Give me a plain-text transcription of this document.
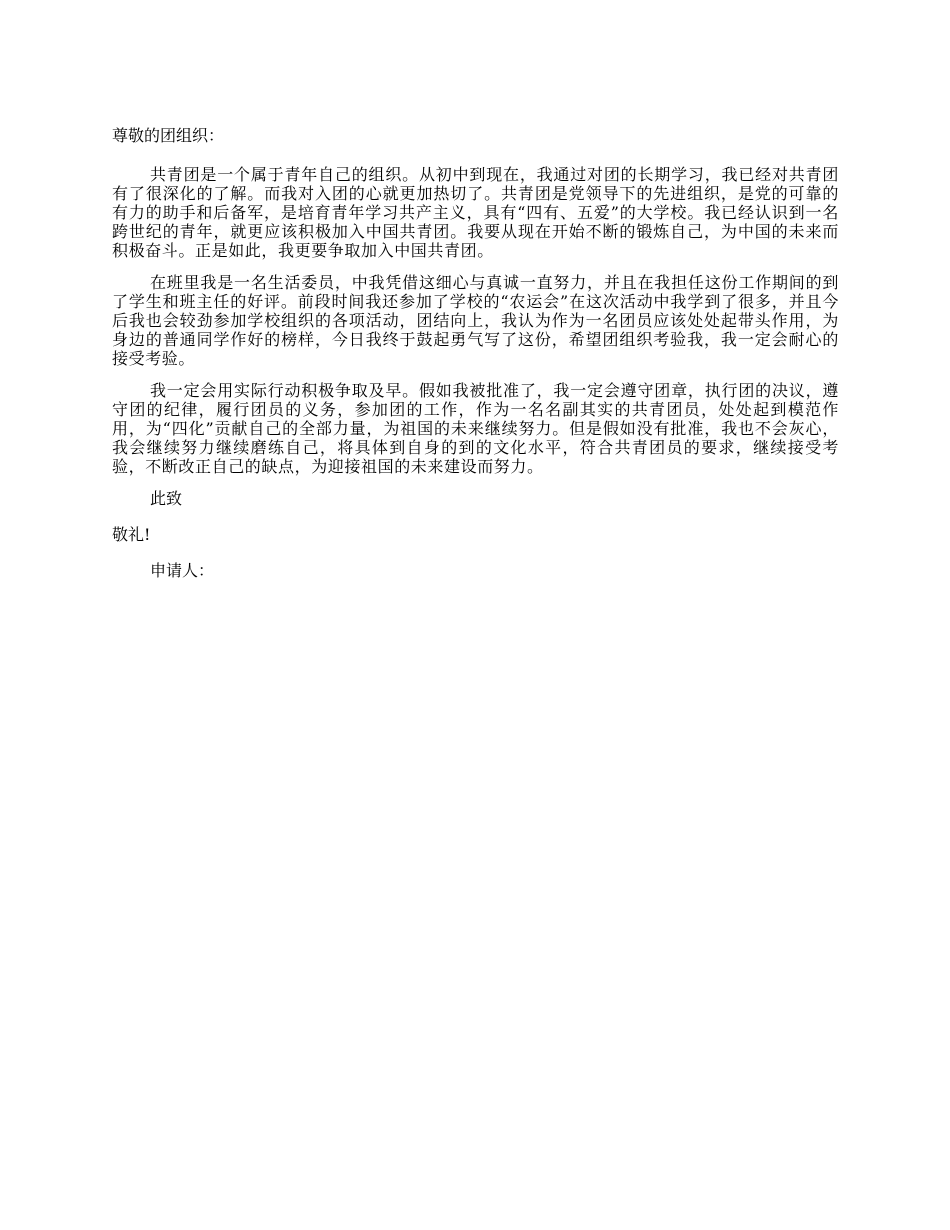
尊敬的团组织：

共青团是一个属于青年自己的组织。从初中到现在，我通过对团的长期学习，我已经对共青团有了很深化的了解。而我对入团的心就更加热切了。共青团是党领导下的先进组织，是党的可靠的有力的助手和后备军，是培育青年学习共产主义，具有“四有、五爱”的大学校。我已经认识到一名跨世纪的青年，就更应该积极加入中国共青团。我要从现在开始不断的锻炼自己，为中国的未来而积极奋斗。正是如此，我更要争取加入中国共青团。

在班里我是一名生活委员，中我凭借这细心与真诚一直努力，并且在我担任这份工作期间的到了学生和班主任的好评。前段时间我还参加了学校的“农运会”在这次活动中我学到了很多，并且今后我也会较劲参加学校组织的各项活动，团结向上，我认为作为一名团员应该处处起带头作用，为身边的普通同学作好的榜样，今日我终于鼓起勇气写了这份，希望团组织考验我，我一定会耐心的接受考验。

我一定会用实际行动积极争取及早。假如我被批准了，我一定会遵守团章，执行团的决议，遵守团的纪律，履行团员的义务，参加团的工作，作为一名名副其实的共青团员，处处起到模范作用，为“四化”贡献自己的全部力量，为祖国的未来继续努力。但是假如没有批准，我也不会灰心，我会继续努力继续磨练自己，将具体到自身的到的文化水平，符合共青团员的要求，继续接受考验，不断改正自己的缺点，为迎接祖国的未来建设而努力。

此致

敬礼!

申请人：
